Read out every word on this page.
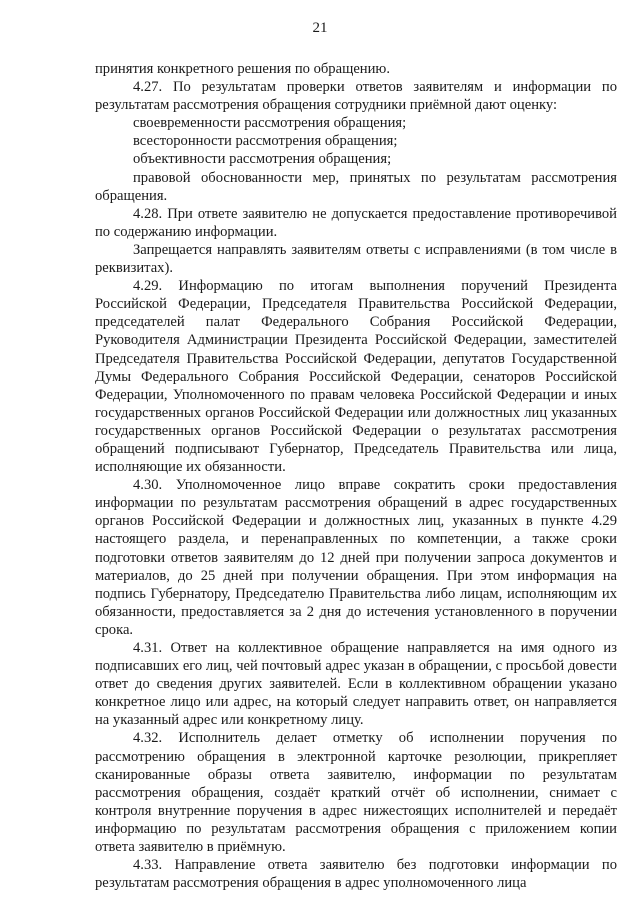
21

принятия конкретного решения по обращению.

4.27. По результатам проверки ответов заявителям и информации по результатам рассмотрения обращения сотрудники приёмной дают оценку:

своевременности рассмотрения обращения;

всесторонности рассмотрения обращения;

объективности рассмотрения обращения;

правовой обоснованности мер, принятых по результатам рассмотрения обращения.

4.28. При ответе заявителю не допускается предоставление противоречивой по содержанию информации.

Запрещается направлять заявителям ответы с исправлениями (в том числе в реквизитах).

4.29. Информацию по итогам выполнения поручений Президента Российской Федерации, Председателя Правительства Российской Федерации, председателей палат Федерального Собрания Российской Федерации, Руководителя Администрации Президента Российской Федерации, заместителей Председателя Правительства Российской Федерации, депутатов Государственной Думы Федерального Собрания Российской Федерации, сенаторов Российской Федерации, Уполномоченного по правам человека Российской Федерации и иных государственных органов Российской Федерации или должностных лиц указанных государственных органов Российской Федерации о результатах рассмотрения обращений подписывают Губернатор, Председатель Правительства или лица, исполняющие их обязанности.

4.30. Уполномоченное лицо вправе сократить сроки предоставления информации по результатам рассмотрения обращений в адрес государственных органов Российской Федерации и должностных лиц, указанных в пункте 4.29 настоящего раздела, и перенаправленных по компетенции, а также сроки подготовки ответов заявителям до 12 дней при получении запроса документов и материалов, до 25 дней при получении обращения. При этом информация на подпись Губернатору, Председателю Правительства либо лицам, исполняющим их обязанности, предоставляется за 2 дня до истечения установленного в поручении срока.

4.31. Ответ на коллективное обращение направляется на имя одного из подписавших его лиц, чей почтовый адрес указан в обращении, с просьбой довести ответ до сведения других заявителей. Если в коллективном обращении указано конкретное лицо или адрес, на который следует направить ответ, он направляется на указанный адрес или конкретному лицу.

4.32. Исполнитель делает отметку об исполнении поручения по рассмотрению обращения в электронной карточке резолюции, прикрепляет сканированные образы ответа заявителю, информации по результатам рассмотрения обращения, создаёт краткий отчёт об исполнении, снимает с контроля внутренние поручения в адрес нижестоящих исполнителей и передаёт информацию по результатам рассмотрения обращения с приложением копии ответа заявителю в приёмную.

4.33. Направление ответа заявителю без подготовки информации по результатам рассмотрения обращения в адрес уполномоченного лица
